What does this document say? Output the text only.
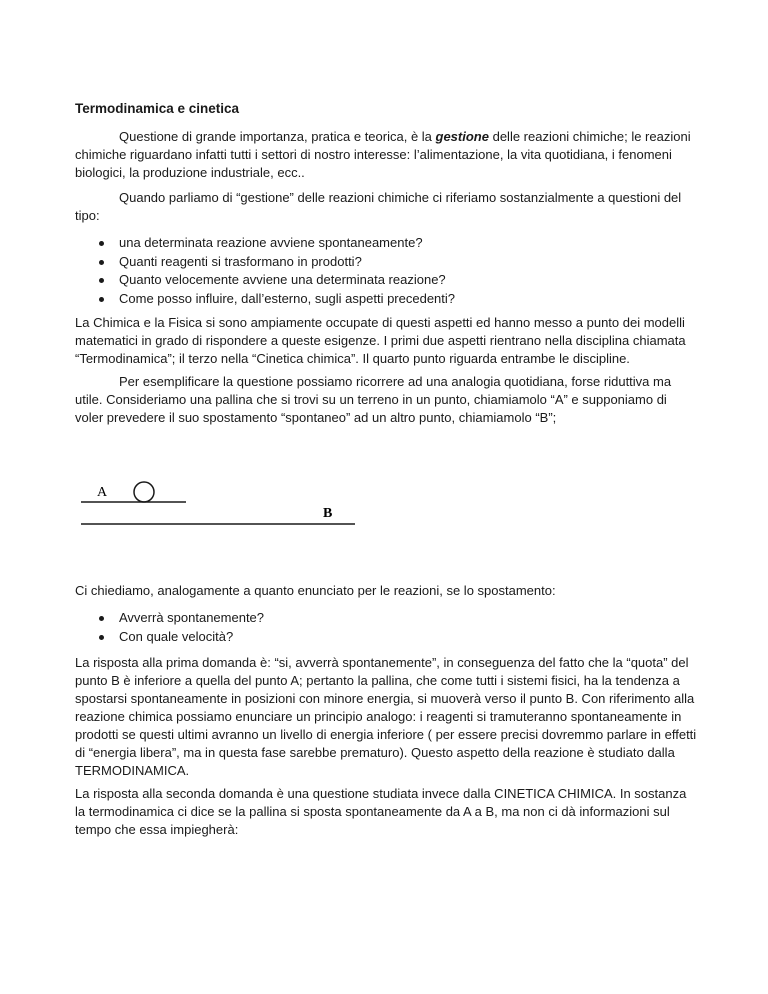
Termodinamica e cinetica

Questione di grande importanza, pratica e teorica, è la gestione delle reazioni chimiche; le reazioni chimiche riguardano infatti tutti i settori di nostro interesse: l’alimentazione, la vita quotidiana, i fenomeni biologici, la produzione industriale, ecc..

Quando parliamo di “gestione” delle reazioni chimiche ci riferiamo sostanzialmente a questioni del tipo:

una determinata reazione avviene spontaneamente?
Quanti reagenti si trasformano in prodotti?
Quanto velocemente avviene una determinata reazione?
Come posso influire, dall’esterno, sugli aspetti precedenti?

La Chimica e la Fisica si sono ampiamente occupate di questi aspetti ed hanno messo a punto dei modelli matematici in grado di rispondere a queste esigenze. I primi due aspetti rientrano nella disciplina chiamata “Termodinamica”; il terzo nella “Cinetica chimica”. Il quarto punto riguarda entrambe le discipline.

Per esemplificare la questione possiamo ricorrere ad una analogia quotidiana, forse riduttiva ma utile. Consideriamo una pallina che si trovi su un terreno in un punto, chiamiamolo “A” e supponiamo di voler prevedere il suo spostamento “spontaneo” ad un altro punto, chiamiamolo “B”;

A
B

Ci chiediamo, analogamente a quanto enunciato per le reazioni, se lo spostamento:

Avverrà spontanemente?
Con quale velocità?

La risposta alla prima domanda è: “si, avverrà spontanemente”, in conseguenza del fatto che la “quota” del punto B è inferiore a quella del punto A; pertanto la pallina, che come tutti i sistemi fisici, ha la tendenza a spostarsi spontaneamente in posizioni con minore energia, si muoverà verso il punto B. Con riferimento alla reazione chimica possiamo enunciare un principio analogo: i reagenti si tramuteranno spontaneamente in prodotti se questi ultimi avranno un livello di energia inferiore ( per essere precisi dovremmo parlare in effetti di “energia libera”, ma in questa fase sarebbe prematuro). Questo aspetto della reazione è studiato dalla TERMODINAMICA.

La risposta alla seconda domanda è una questione studiata invece dalla CINETICA CHIMICA. In sostanza la termodinamica ci dice se la pallina si sposta spontaneamente da A a B, ma non ci dà informazioni sul tempo che essa impiegherà:
